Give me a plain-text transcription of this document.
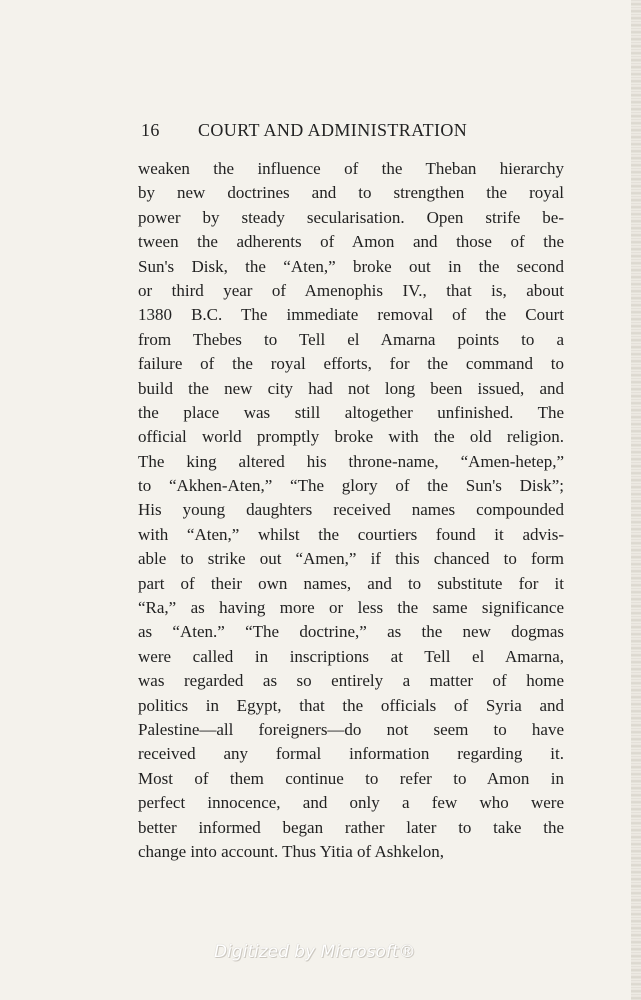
16 COURT AND ADMINISTRATION
weaken the influence of the Theban hierarchy
by new doctrines and to strengthen the royal
power by steady secularisation. Open strife be-
tween the adherents of Amon and those of the
Sun's Disk, the “Aten,” broke out in the second
or third year of Amenophis IV., that is, about
1380 B.C. The immediate removal of the Court
from Thebes to Tell el Amarna points to a
failure of the royal efforts, for the command to
build the new city had not long been issued, and
the place was still altogether unfinished. The
official world promptly broke with the old religion.
The king altered his throne-name, “Amen-hetep,”
to “Akhen-Aten,” “The glory of the Sun's Disk”;
His young daughters received names compounded
with “Aten,” whilst the courtiers found it advis-
able to strike out “Amen,” if this chanced to form
part of their own names, and to substitute for it
“Ra,” as having more or less the same significance
as “Aten.” “The doctrine,” as the new dogmas
were called in inscriptions at Tell el Amarna,
was regarded as so entirely a matter of home
politics in Egypt, that the officials of Syria and
Palestine—all foreigners—do not seem to have
received any formal information regarding it.
Most of them continue to refer to Amon in
perfect innocence, and only a few who were
better informed began rather later to take the
change into account. Thus Yitia of Ashkelon,
Digitized by Microsoft®
